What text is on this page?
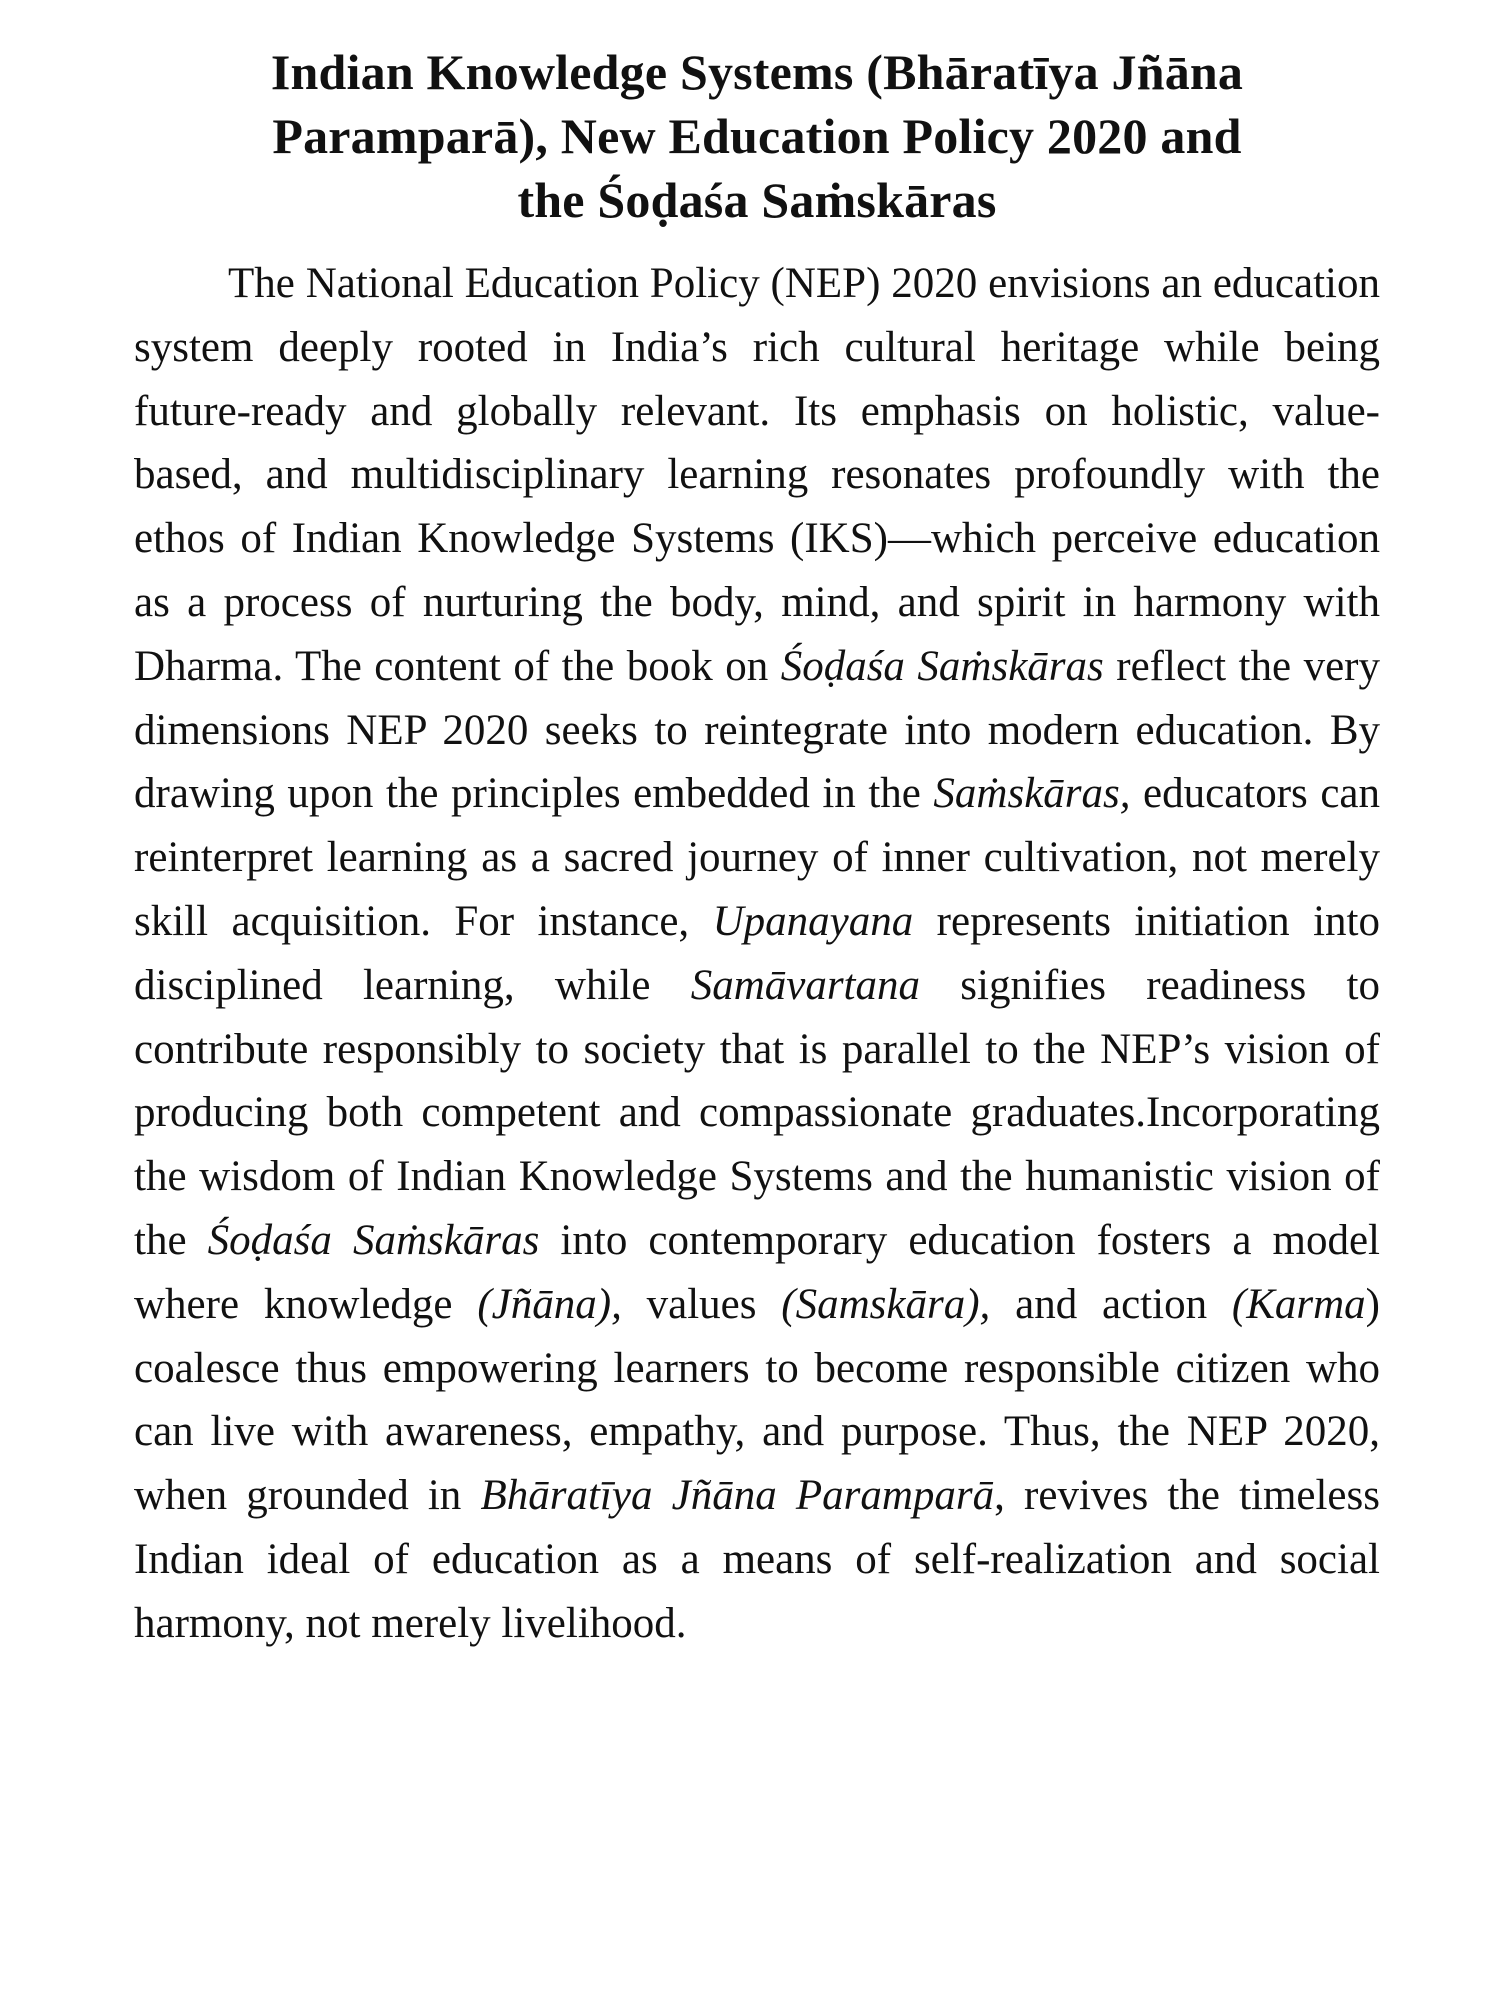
Indian Knowledge Systems (Bhāratīya Jñāna
Paramparā), New Education Policy 2020 and
the Śoḍaśa Saṁskāras

The National Education Policy (NEP) 2020 envisions an education system deeply rooted in India’s rich cultural heritage while being future-ready and globally relevant. Its emphasis on holistic, value-based, and multidisciplinary learning resonates profoundly with the ethos of Indian Knowledge Systems (IKS)—which perceive education as a process of nurturing the body, mind, and spirit in harmony with Dharma. The content of the book on Śoḍaśa Saṁskāras reflect the very dimensions NEP 2020 seeks to reintegrate into modern education. By drawing upon the principles embedded in the Saṁskāras, educators can reinterpret learning as a sacred journey of inner cultivation, not merely skill acquisition. For instance, Upanayana represents initiation into disciplined learning, while Samāvartana signifies readiness to contribute responsibly to society that is parallel to the NEP’s vision of producing both competent and compassionate graduates.Incorporating the wisdom of Indian Knowledge Systems and the humanistic vision of the Śoḍaśa Saṁskāras into contemporary education fosters a model where knowledge (Jñāna), values (Samskāra), and action (Karma) coalesce thus empowering learners to become responsible citizen who can live with awareness, empathy, and purpose. Thus, the NEP 2020, when grounded in Bhāratīya Jñāna Paramparā, revives the timeless Indian ideal of education as a means of self-realization and social harmony, not merely livelihood.
